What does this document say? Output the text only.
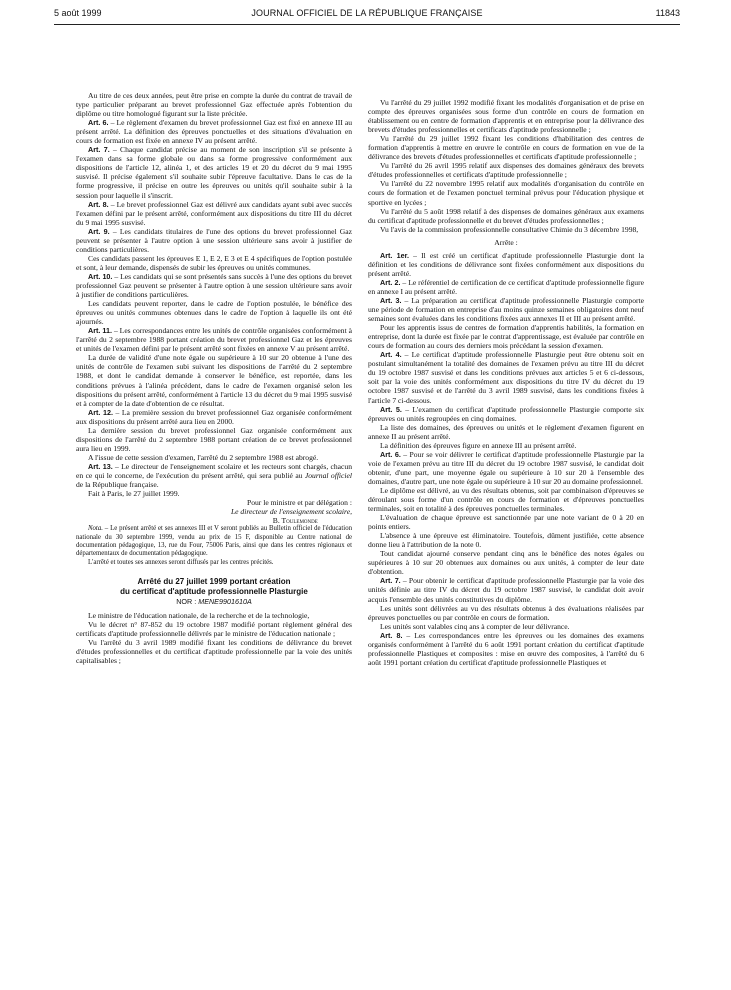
5 août 1999	JOURNAL OFFICIEL DE LA RÉPUBLIQUE FRANÇAISE	11843

Au titre de ces deux années, peut être prise en compte la durée du contrat de travail de type particulier préparant au brevet professionnel Gaz effectuée après l'obtention du diplôme ou titre homologué figurant sur la liste précitée.

Art. 6. – Le règlement d'examen du brevet professionnel Gaz est fixé en annexe III au présent arrêté. La définition des épreuves ponctuelles et des situations d'évaluation en cours de formation est fixée en annexe IV au présent arrêté.

Art. 7. – Chaque candidat précise au moment de son inscription s'il se présente à l'examen dans sa forme globale ou dans sa forme progressive conformément aux dispositions de l'article 12, alinéa 1, et des articles 19 et 20 du décret du 9 mai 1995 susvisé. Il précise également s'il souhaite subir l'épreuve facultative. Dans le cas de la forme progressive, il précise en outre les épreuves ou unités qu'il souhaite subir à la session pour laquelle il s'inscrit.

Art. 8. – Le brevet professionnel Gaz est délivré aux candidats ayant subi avec succès l'examen défini par le présent arrêté, conformément aux dispositions du titre III du décret du 9 mai 1995 susvisé.

Art. 9. – Les candidats titulaires de l'une des options du brevet professionnel Gaz peuvent se présenter à l'autre option à une session ultérieure sans avoir à justifier de conditions particulières.

Ces candidats passent les épreuves E 1, E 2, E 3 et E 4 spécifiques de l'option postulée et sont, à leur demande, dispensés de subir les épreuves ou unités communes.

Art. 10. – Les candidats qui se sont présentés sans succès à l'une des options du brevet professionnel Gaz peuvent se présenter à l'autre option à une session ultérieure sans avoir à justifier de conditions particulières.

Les candidats peuvent reporter, dans le cadre de l'option postulée, le bénéfice des épreuves ou unités communes obtenues dans le cadre de l'option à laquelle ils ont été ajournés.

Art. 11. – Les correspondances entre les unités de contrôle organisées conformément à l'arrêté du 2 septembre 1988 portant création du brevet professionnel Gaz et les épreuves et unités de l'examen défini par le présent arrêté sont fixées en annexe V au présent arrêté.

La durée de validité d'une note égale ou supérieure à 10 sur 20 obtenue à l'une des unités de contrôle de l'examen subi suivant les dispositions de l'arrêté du 2 septembre 1988, et dont le candidat demande à conserver le bénéfice, est reportée, dans les conditions prévues à l'alinéa précédent, dans le cadre de l'examen organisé selon les dispositions du présent arrêté, conformément à l'article 13 du décret du 9 mai 1995 susvisé et à compter de la date d'obtention de ce résultat.

Art. 12. – La première session du brevet professionnel Gaz organisée conformément aux dispositions du présent arrêté aura lieu en 2000.

La dernière session du brevet professionnel Gaz organisée conformément aux dispositions de l'arrêté du 2 septembre 1988 portant création de ce brevet professionnel aura lieu en 1999.

A l'issue de cette session d'examen, l'arrêté du 2 septembre 1988 est abrogé.

Art. 13. – Le directeur de l'enseignement scolaire et les recteurs sont chargés, chacun en ce qui le concerne, de l'exécution du présent arrêté, qui sera publié au Journal officiel de la République française.

Fait à Paris, le 27 juillet 1999.

Pour le ministre et par délégation :

Le directeur de l'enseignement scolaire,

B. Toulemonde

Nota. – Le présent arrêté et ses annexes III et V seront publiés au Bulletin officiel de l'éducation nationale du 30 septembre 1999, vendu au prix de 15 F, disponible au Centre national de documentation pédagogique, 13, rue du Four, 75006 Paris, ainsi que dans les centres régionaux et départementaux de documentation pédagogique.

L'arrêté et toutes ses annexes seront diffusés par les centres précités.

Arrêté du 27 juillet 1999 portant création
du certificat d'aptitude professionnelle Plasturgie
NOR : MENE9901610A

Le ministre de l'éducation nationale, de la recherche et de la technologie,

Vu le décret n° 87-852 du 19 octobre 1987 modifié portant règlement général des certificats d'aptitude professionnelle délivrés par le ministre de l'éducation nationale ;

Vu l'arrêté du 3 avril 1989 modifié fixant les conditions de délivrance du brevet d'études professionnelles et du certificat d'aptitude professionnelle par la voie des unités capitalisables ;

Vu l'arrêté du 29 juillet 1992 modifié fixant les modalités d'organisation et de prise en compte des épreuves organisées sous forme d'un contrôle en cours de formation en établissement ou en centre de formation d'apprentis et en entreprise pour la délivrance des brevets d'études professionnelles et certificats d'aptitude professionnelle ;

Vu l'arrêté du 29 juillet 1992 fixant les conditions d'habilitation des centres de formation d'apprentis à mettre en œuvre le contrôle en cours de formation en vue de la délivrance des brevets d'études professionnelles et certificats d'aptitude professionnelle ;

Vu l'arrêté du 26 avril 1995 relatif aux dispenses des domaines généraux des brevets d'études professionnelles et certificats d'aptitude professionnelle ;

Vu l'arrêté du 22 novembre 1995 relatif aux modalités d'organisation du contrôle en cours de formation et de l'examen ponctuel terminal prévus pour l'éducation physique et sportive en lycées ;

Vu l'arrêté du 5 août 1998 relatif à des dispenses de domaines généraux aux examens du certificat d'aptitude professionnelle et du brevet d'études professionnelles ;

Vu l'avis de la commission professionnelle consultative Chimie du 3 décembre 1998,

Arrête :

Art. 1er. – Il est créé un certificat d'aptitude professionnelle Plasturgie dont la définition et les conditions de délivrance sont fixées conformément aux dispositions du présent arrêté.

Art. 2. – Le référentiel de certification de ce certificat d'aptitude professionnelle figure en annexe I au présent arrêté.

Art. 3. – La préparation au certificat d'aptitude professionnelle Plasturgie comporte une période de formation en entreprise d'au moins quinze semaines obligatoires dont neuf semaines sont évaluées dans les conditions fixées aux annexes II et III au présent arrêté.

Pour les apprentis issus de centres de formation d'apprentis habilités, la formation en entreprise, dont la durée est fixée par le contrat d'apprentissage, est évaluée par contrôle en cours de formation au cours des derniers mois précédant la session d'examen.

Art. 4. – Le certificat d'aptitude professionnelle Plasturgie peut être obtenu soit en postulant simultanément la totalité des domaines de l'examen prévu au titre III du décret du 19 octobre 1987 susvisé et dans les conditions prévues aux articles 5 et 6 ci-dessous, soit par la voie des unités conformément aux dispositions du titre IV du décret du 19 octobre 1987 susvisé et de l'arrêté du 3 avril 1989 susvisé, dans les conditions fixées à l'article 7 ci-dessous.

Art. 5. – L'examen du certificat d'aptitude professionnelle Plasturgie comporte six épreuves ou unités regroupées en cinq domaines.

La liste des domaines, des épreuves ou unités et le règlement d'examen figurent en annexe II au présent arrêté.

La définition des épreuves figure en annexe III au présent arrêté.

Art. 6. – Pour se voir délivrer le certificat d'aptitude professionnelle Plasturgie par la voie de l'examen prévu au titre III du décret du 19 octobre 1987 susvisé, le candidat doit obtenir, d'une part, une moyenne égale ou supérieure à 10 sur 20 à l'ensemble des domaines, d'autre part, une note égale ou supérieure à 10 sur 20 au domaine professionnel.

Le diplôme est délivré, au vu des résultats obtenus, soit par combinaison d'épreuves se déroulant sous forme d'un contrôle en cours de formation et d'épreuves ponctuelles terminales, soit en totalité à des épreuves ponctuelles terminales.

L'évaluation de chaque épreuve est sanctionnée par une note variant de 0 à 20 en points entiers.

L'absence à une épreuve est éliminatoire. Toutefois, dûment justifiée, cette absence donne lieu à l'attribution de la note 0.

Tout candidat ajourné conserve pendant cinq ans le bénéfice des notes égales ou supérieures à 10 sur 20 obtenues aux domaines ou aux unités, à compter de leur date d'obtention.

Art. 7. – Pour obtenir le certificat d'aptitude professionnelle Plasturgie par la voie des unités définie au titre IV du décret du 19 octobre 1987 susvisé, le candidat doit avoir acquis l'ensemble des unités constitutives du diplôme.

Les unités sont délivrées au vu des résultats obtenus à des évaluations réalisées par épreuves ponctuelles ou par contrôle en cours de formation.

Les unités sont valables cinq ans à compter de leur délivrance.

Art. 8. – Les correspondances entre les épreuves ou les domaines des examens organisés conformément à l'arrêté du 6 août 1991 portant création du certificat d'aptitude professionnelle Plastiques et composites : mise en œuvre des composites, à l'arrêté du 6 août 1991 portant création du certificat d'aptitude professionnelle Plastiques et
